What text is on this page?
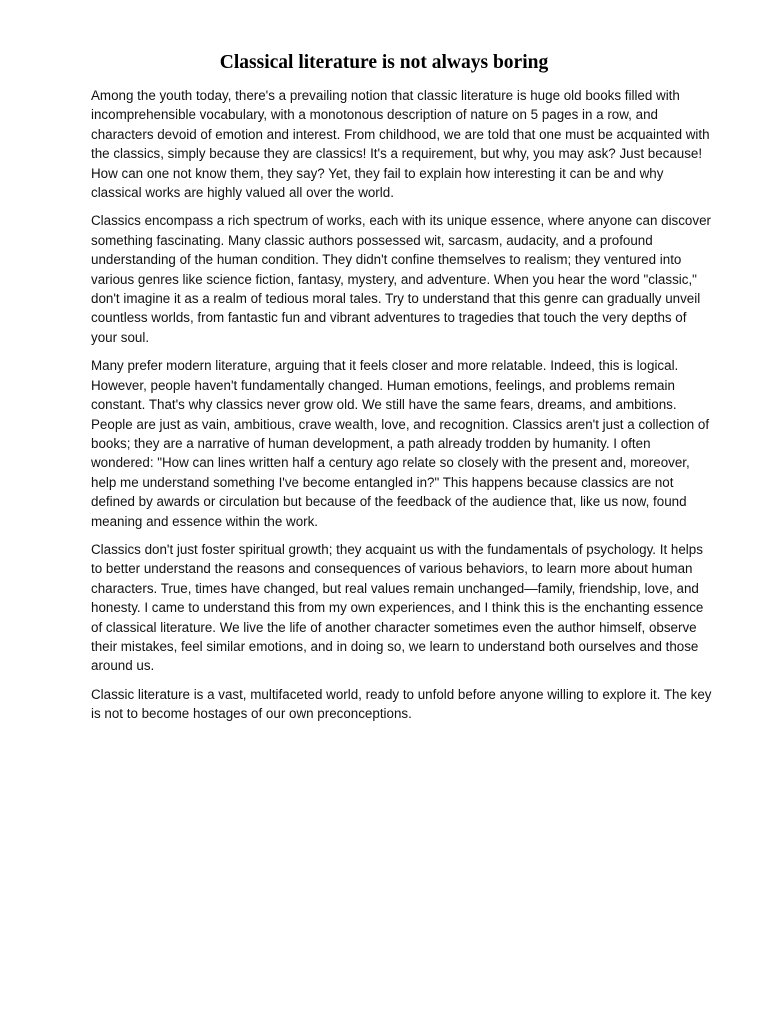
Classical literature is not always boring

Among the youth today, there's a prevailing notion that classic literature is huge old books filled with incomprehensible vocabulary, with a monotonous description of nature on 5 pages in a row, and characters devoid of emotion and interest. From childhood, we are told that one must be acquainted with the classics, simply because they are classics! It's a requirement, but why, you may ask? Just because! How can one not know them, they say? Yet, they fail to explain how interesting it can be and why classical works are highly valued all over the world.

Classics encompass a rich spectrum of works, each with its unique essence, where anyone can discover something fascinating. Many classic authors possessed wit, sarcasm, audacity, and a profound understanding of the human condition. They didn't confine themselves to realism; they ventured into various genres like science fiction, fantasy, mystery, and adventure. When you hear the word "classic," don't imagine it as a realm of tedious moral tales. Try to understand that this genre can gradually unveil countless worlds, from fantastic fun and vibrant adventures to tragedies that touch the very depths of your soul.

Many prefer modern literature, arguing that it feels closer and more relatable. Indeed, this is logical. However, people haven't fundamentally changed. Human emotions, feelings, and problems remain constant. That's why classics never grow old. We still have the same fears, dreams, and ambitions. People are just as vain, ambitious, crave wealth, love, and recognition. Classics aren't just a collection of books; they are a narrative of human development, a path already trodden by humanity. I often wondered: "How can lines written half a century ago relate so closely with the present and, moreover, help me understand something I've become entangled in?" This happens because classics are not defined by awards or circulation but because of the feedback of the audience that, like us now, found meaning and essence within the work.

Classics don't just foster spiritual growth; they acquaint us with the fundamentals of psychology. It helps to better understand the reasons and consequences of various behaviors, to learn more about human characters. True, times have changed, but real values remain unchanged—family, friendship, love, and honesty. I came to understand this from my own experiences, and I think this is the enchanting essence of classical literature. We live the life of another character sometimes even the author himself, observe their mistakes, feel similar emotions, and in doing so, we learn to understand both ourselves and those around us.

Classic literature is a vast, multifaceted world, ready to unfold before anyone willing to explore it. The key is not to become hostages of our own preconceptions.
